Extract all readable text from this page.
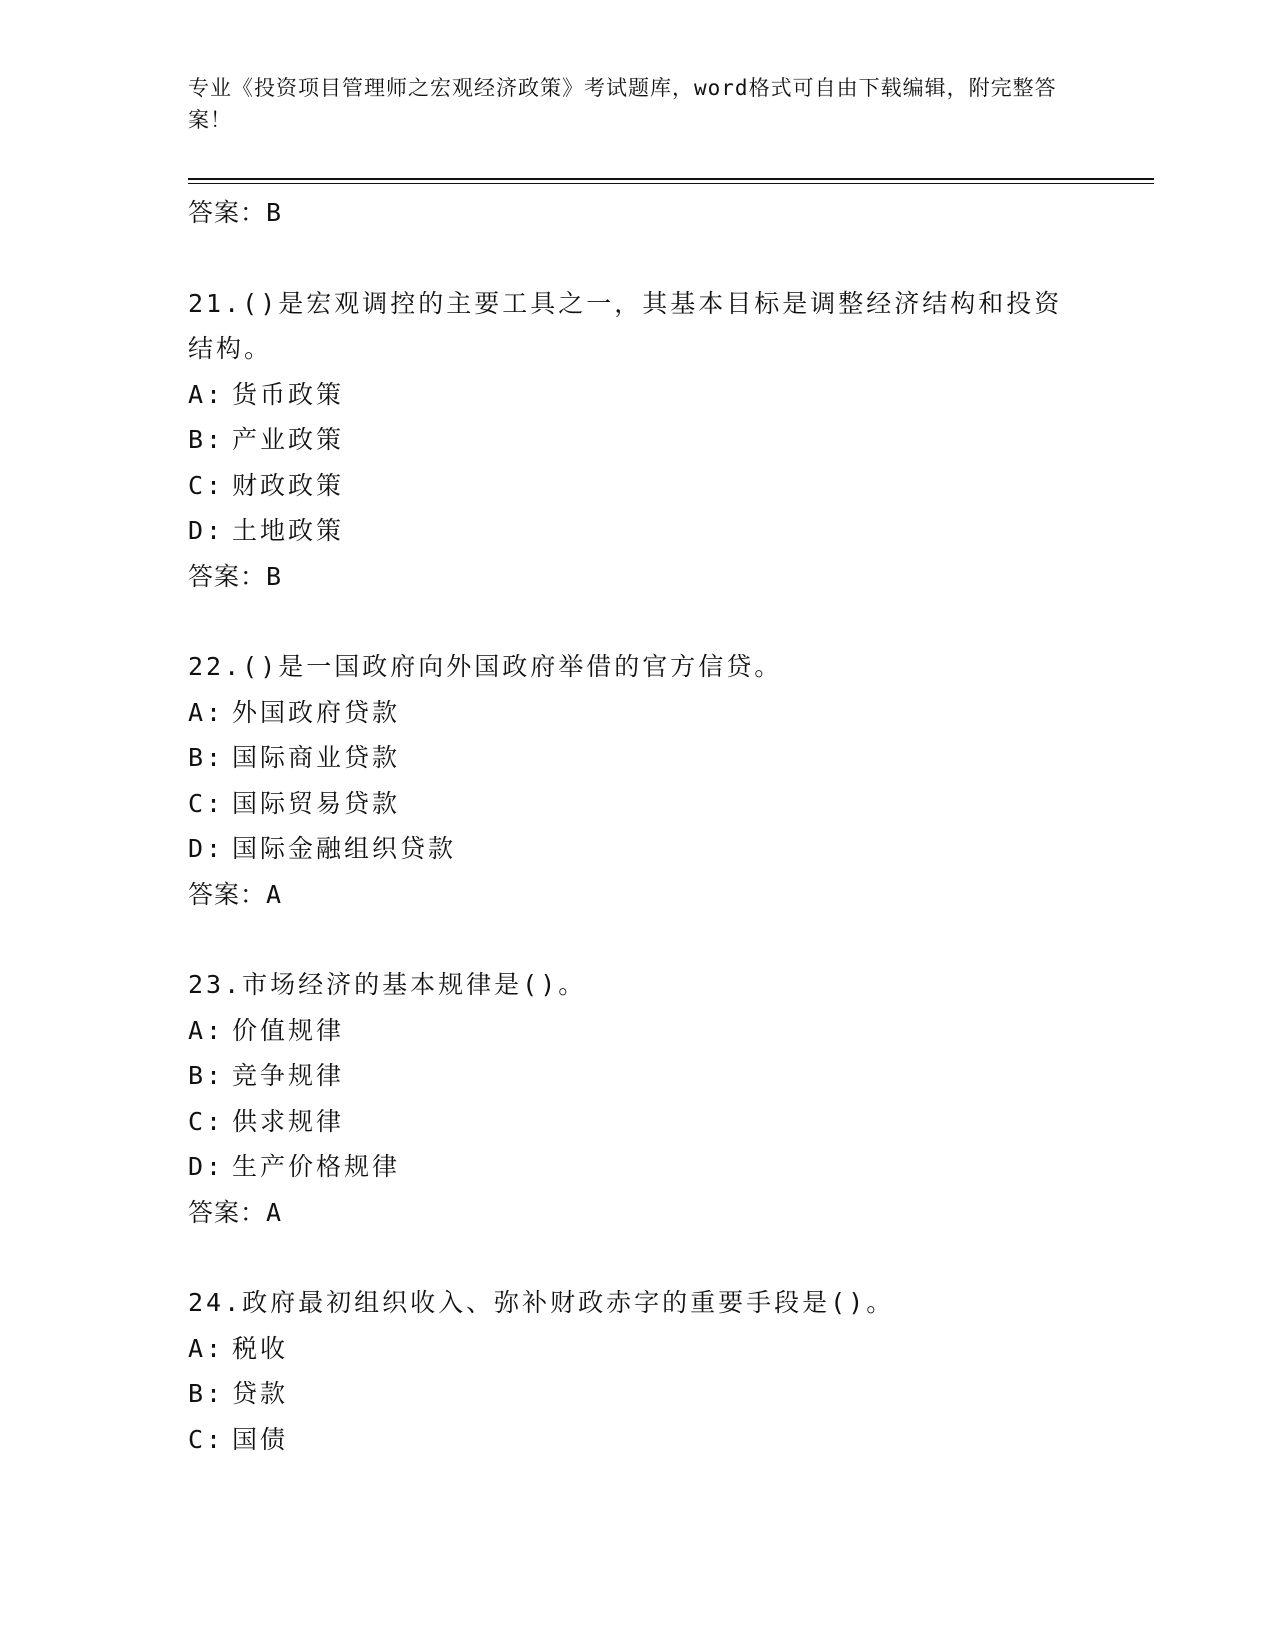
专业《投资项目管理师之宏观经济政策》考试题库，word格式可自由下载编辑，附完整答案！
答案：B
21.()是宏观调控的主要工具之一，其基本目标是调整经济结构和投资结构。
A: 货币政策
B: 产业政策
C: 财政政策
D: 土地政策
答案：B
22.()是一国政府向外国政府举借的官方信贷。
A: 外国政府贷款
B: 国际商业贷款
C: 国际贸易贷款
D: 国际金融组织贷款
答案：A
23.市场经济的基本规律是()。
A: 价值规律
B: 竞争规律
C: 供求规律
D: 生产价格规律
答案：A
24.政府最初组织收入、弥补财政赤字的重要手段是()。
A: 税收
B: 贷款
C: 国债
